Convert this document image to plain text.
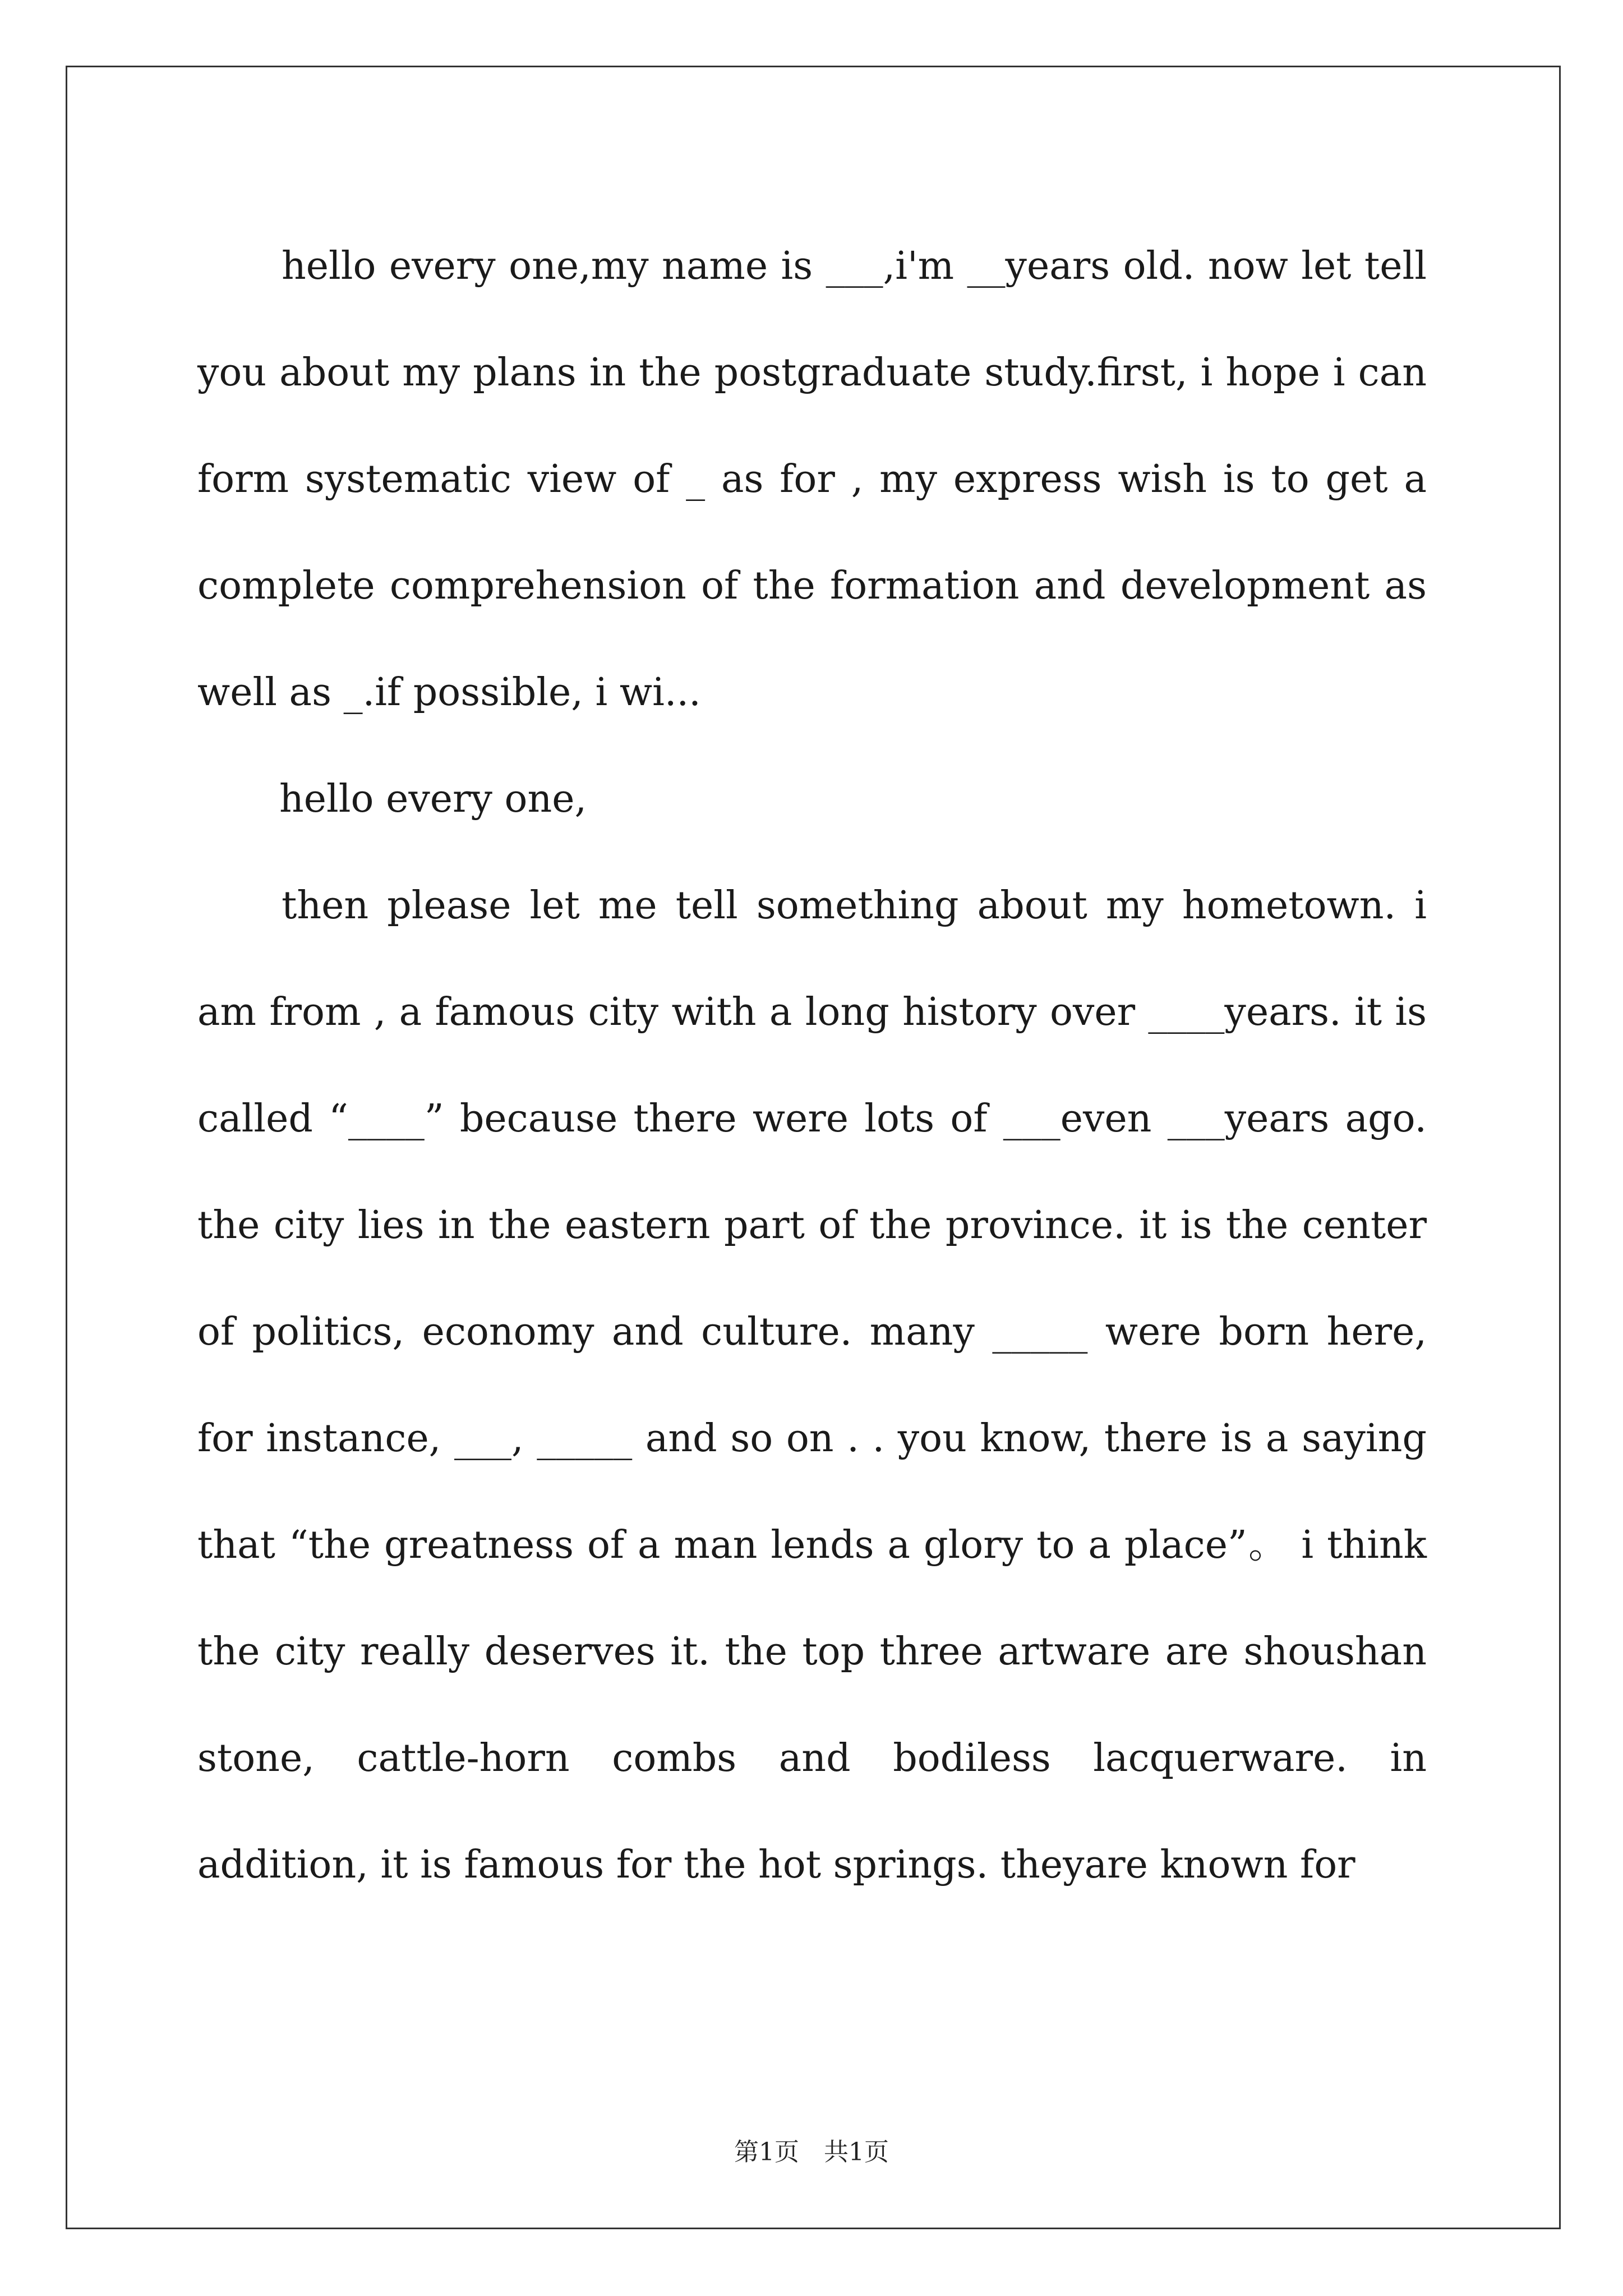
hello every one,my name is ___,i'm __years old. now let tell you about my plans in the postgraduate study.first, i hope i can form systematic view of _ as for , my express wish is to get a complete comprehension of the formation and development as well as _.if possible, i wi...

hello every one,

then please let me tell something about my hometown. i am from , a famous city with a long history over ____years. it is called “____” because there were lots of ___even ___years ago. the city lies in the eastern part of the province. it is the center of politics, economy and culture. many _____ were born here, for instance, ___, _____ and so on . . you know, there is a saying that “the greatness of a man lends a glory to a place”。 i think the city really deserves it. the top three artware are shoushan stone, cattle-horn combs and bodiless lacquerware. in addition, it is famous for the hot springs. theyare known for

第1页　共1页
